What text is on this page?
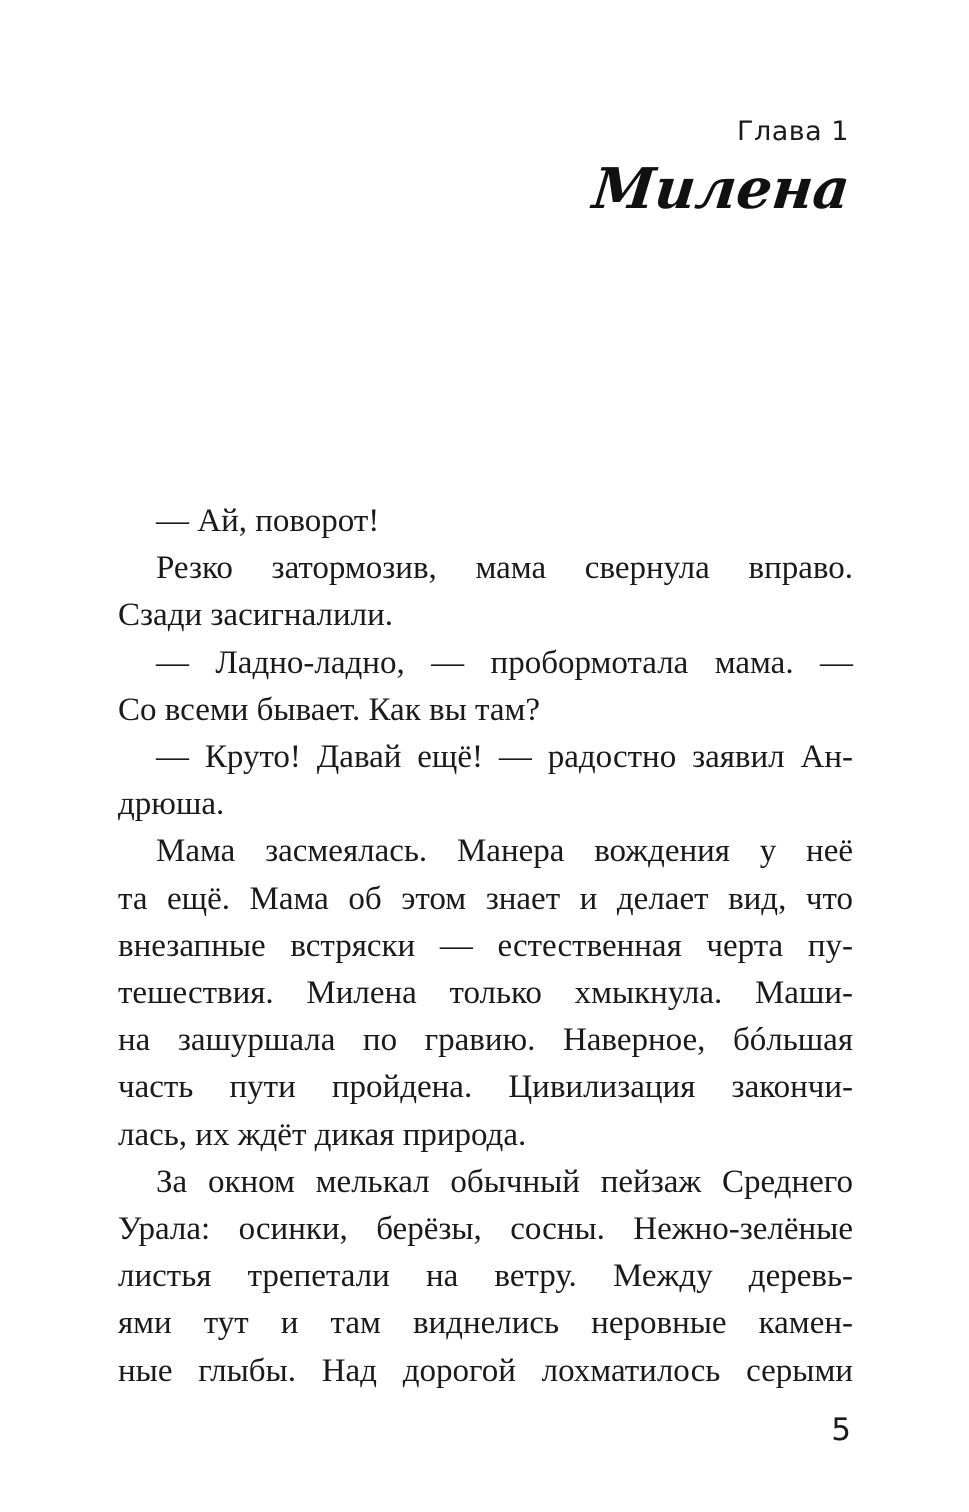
Глава 1
Милена

— Ай, поворот!

Резко затормозив, мама свернула вправо.
Сзади засигналили.

— Ладно-ладно, — пробормотала мама. —
Со всеми бывает. Как вы там?

— Круто! Давай ещё! — радостно заявил Ан-
дрюша.

Мама засмеялась. Манера вождения у неё
та ещё. Мама об этом знает и делает вид, что
внезапные встряски — естественная черта пу-
тешествия. Милена только хмыкнула. Маши-
на зашуршала по гравию. Наверное, бóльшая
часть пути пройдена. Цивилизация закончи-
лась, их ждёт дикая природа.

За окном мелькал обычный пейзаж Среднего
Урала: осинки, берёзы, сосны. Нежно-зелёные
листья трепетали на ветру. Между деревь-
ями тут и там виднелись неровные камен-
ные глыбы. Над дорогой лохматилось серыми

5
